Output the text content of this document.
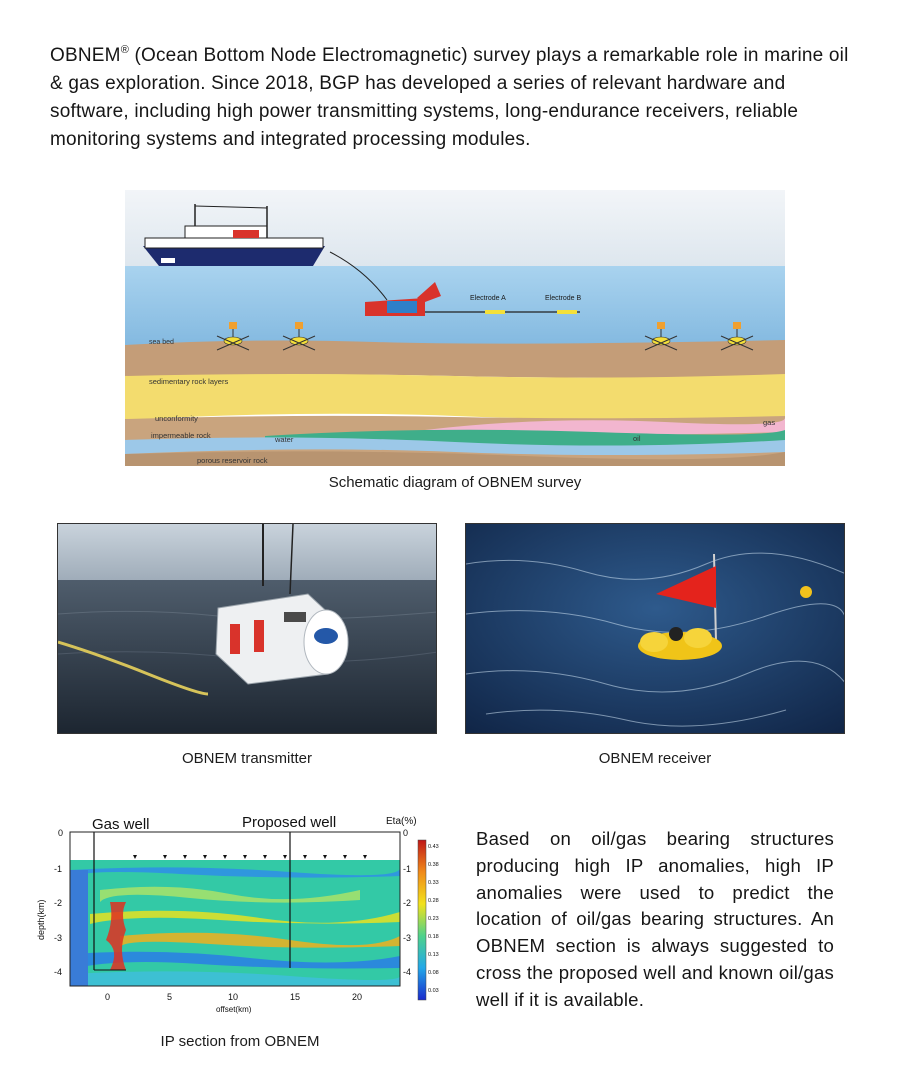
OBNEM® (Ocean Bottom Node Electromagnetic) survey plays a remarkable role in marine oil & gas exploration. Since 2018, BGP has developed a series of relevant hardware and software, including high power transmitting systems, long-endurance receivers, reliable monitoring systems and integrated processing modules.
Electrode A	Electrode B
sea bed
sedimentary rock layers
unconformity
impermeable rock	water	oil
gas
porous reservoir rock
Schematic diagram of OBNEM survey
OBNEM transmitter	OBNEM receiver
Gas well	Proposed well	Eta(%)
0
-1
-2
-3
-4
0
-1
-2
-3
-4
depth(km)
0	5	10	15	20
offset(km)
0.43
0.38
0.33
0.28
0.23
0.18
0.13
0.08
0.03
IP section from OBNEM
Based on oil/gas bearing structures producing high IP anomalies, high IP anomalies were used to predict the location of oil/gas bearing structures. An OBNEM section is always suggested to cross the proposed well and known oil/gas well if it is available.
